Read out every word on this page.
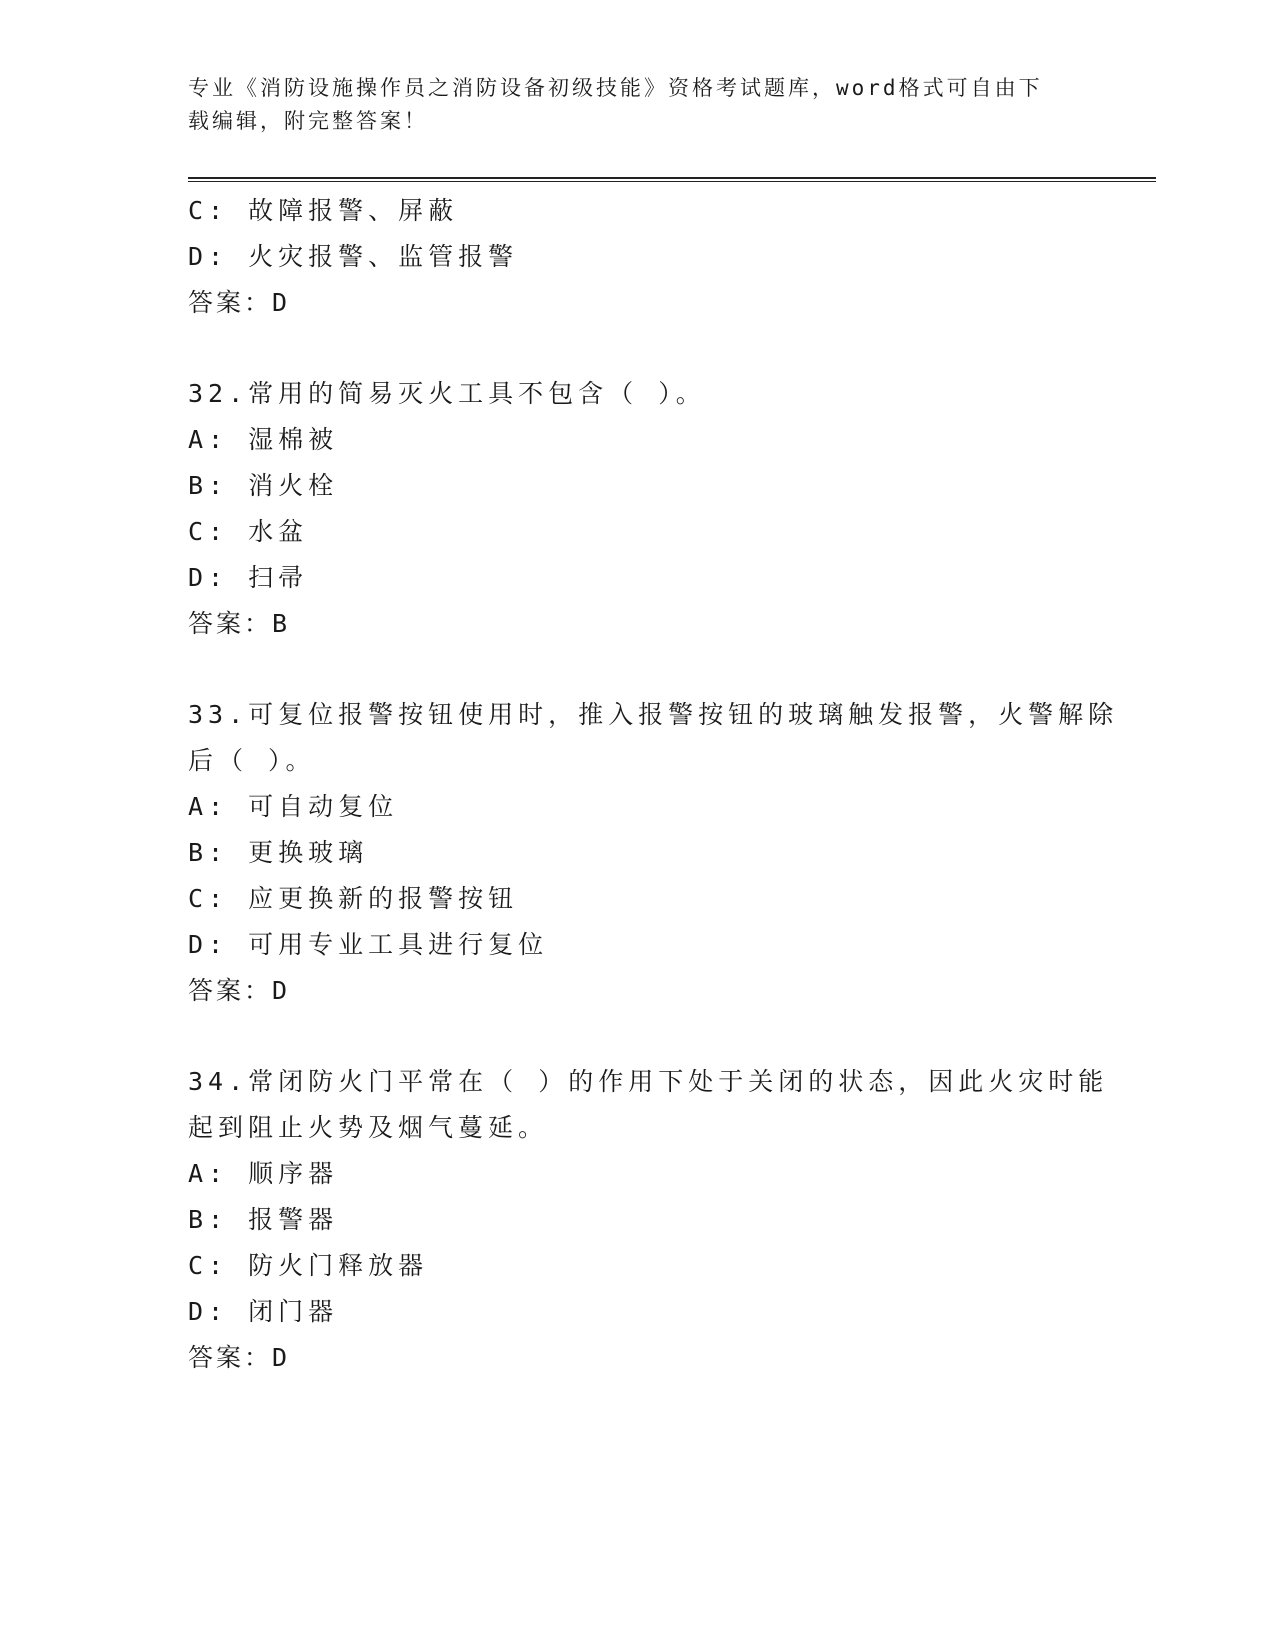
专业《消防设施操作员之消防设备初级技能》资格考试题库，word格式可自由下
载编辑，附完整答案！
C: 故障报警、屏蔽
D: 火灾报警、监管报警
答案：D
32.常用的简易灭火工具不包含（ ）。
A: 湿棉被
B: 消火栓
C: 水盆
D: 扫帚
答案：B
33.可复位报警按钮使用时，推入报警按钮的玻璃触发报警，火警解除
后（ ）。
A: 可自动复位
B: 更换玻璃
C: 应更换新的报警按钮
D: 可用专业工具进行复位
答案：D
34.常闭防火门平常在（ ）的作用下处于关闭的状态，因此火灾时能
起到阻止火势及烟气蔓延。
A: 顺序器
B: 报警器
C: 防火门释放器
D: 闭门器
答案：D
